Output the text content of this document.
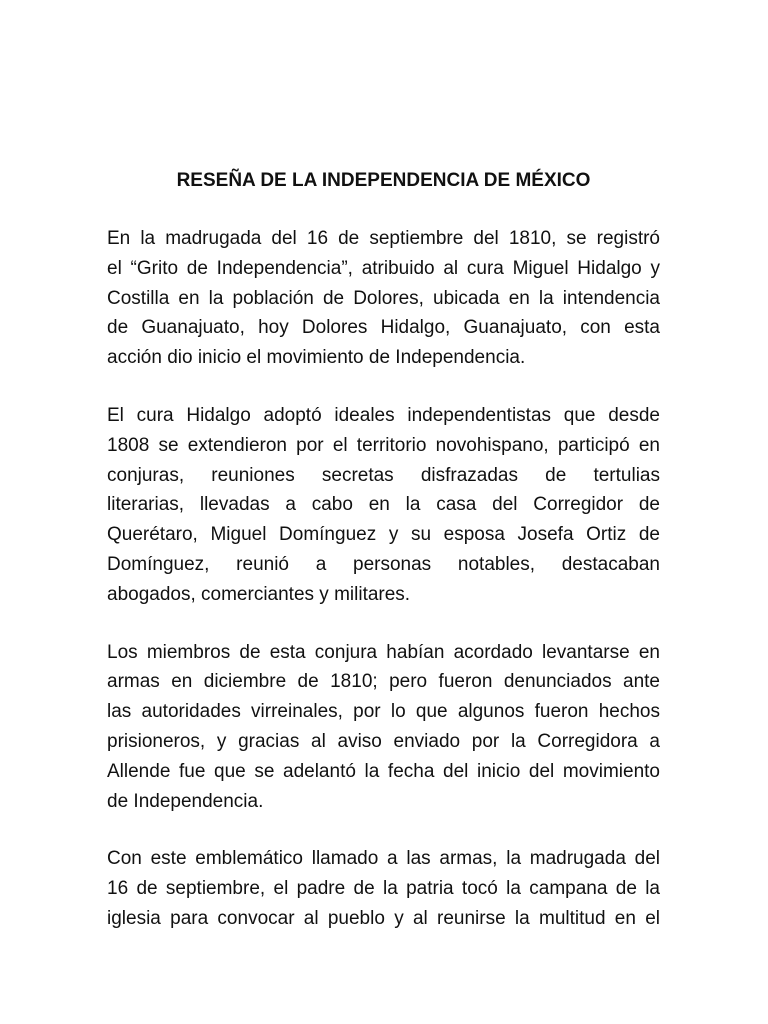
RESEÑA DE LA INDEPENDENCIA DE MÉXICO

En la madrugada del 16 de septiembre del 1810, se registró
el “Grito de Independencia”, atribuido al cura Miguel Hidalgo y
Costilla en la población de Dolores, ubicada en la intendencia
de Guanajuato, hoy Dolores Hidalgo, Guanajuato, con esta
acción dio inicio el movimiento de Independencia.

El cura Hidalgo adoptó ideales independentistas que desde
1808 se extendieron por el territorio novohispano, participó en
conjuras, reuniones secretas disfrazadas de tertulias
literarias, llevadas a cabo en la casa del Corregidor de
Querétaro, Miguel Domínguez y su esposa Josefa Ortiz de
Domínguez, reunió a personas notables, destacaban
abogados, comerciantes y militares.

Los miembros de esta conjura habían acordado levantarse en
armas en diciembre de 1810; pero fueron denunciados ante
las autoridades virreinales, por lo que algunos fueron hechos
prisioneros, y gracias al aviso enviado por la Corregidora a
Allende fue que se adelantó la fecha del inicio del movimiento
de Independencia.

Con este emblemático llamado a las armas, la madrugada del
16 de septiembre, el padre de la patria tocó la campana de la
iglesia para convocar al pueblo y al reunirse la multitud en el
